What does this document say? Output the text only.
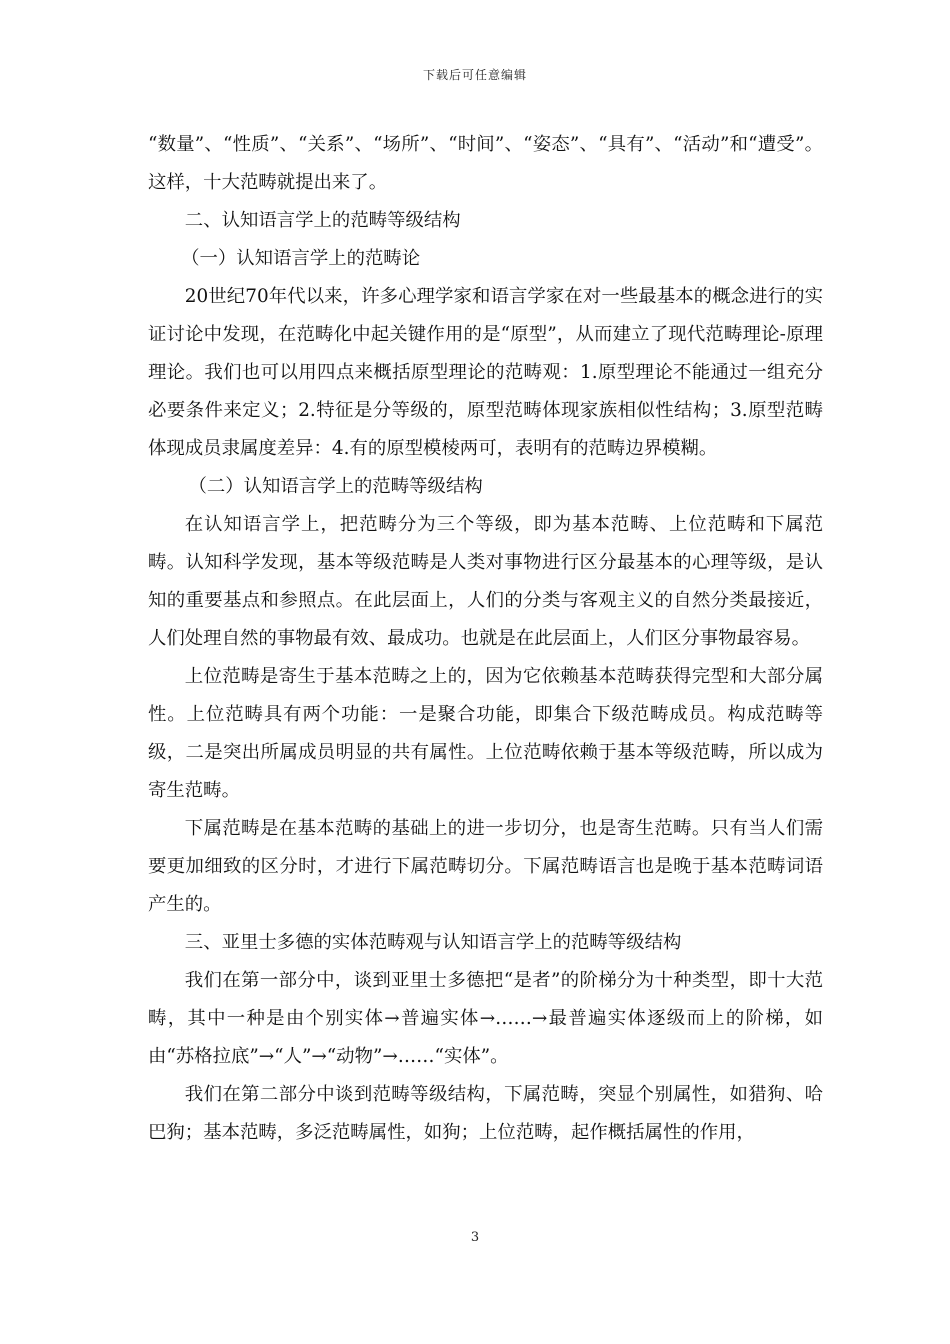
下载后可任意编辑

“数量”、“性质”、“关系”、“场所”、“时间”、“姿态”、“具有”、“活动”和“遭受”。这样，十大范畴就提出来了。

二、认知语言学上的范畴等级结构

（一）认知语言学上的范畴论

20世纪70年代以来，许多心理学家和语言学家在对一些最基本的概念进行的实证讨论中发现，在范畴化中起关键作用的是“原型”，从而建立了现代范畴理论-原理理论。我们也可以用四点来概括原型理论的范畴观：1.原型理论不能通过一组充分必要条件来定义；2.特征是分等级的，原型范畴体现家族相似性结构；3.原型范畴体现成员隶属度差异：4.有的原型模棱两可，表明有的范畴边界模糊。

（二）认知语言学上的范畴等级结构

在认知语言学上，把范畴分为三个等级，即为基本范畴、上位范畴和下属范畴。认知科学发现，基本等级范畴是人类对事物进行区分最基本的心理等级，是认知的重要基点和参照点。在此层面上，人们的分类与客观主义的自然分类最接近，人们处理自然的事物最有效、最成功。也就是在此层面上，人们区分事物最容易。

上位范畴是寄生于基本范畴之上的，因为它依赖基本范畴获得完型和大部分属性。上位范畴具有两个功能：一是聚合功能，即集合下级范畴成员。构成范畴等级，二是突出所属成员明显的共有属性。上位范畴依赖于基本等级范畴，所以成为寄生范畴。

下属范畴是在基本范畴的基础上的进一步切分，也是寄生范畴。只有当人们需要更加细致的区分时，才进行下属范畴切分。下属范畴语言也是晚于基本范畴词语产生的。

三、亚里士多德的实体范畴观与认知语言学上的范畴等级结构

我们在第一部分中，谈到亚里士多德把“是者”的阶梯分为十种类型，即十大范畴，其中一种是由个别实体→普遍实体→……→最普遍实体逐级而上的阶梯，如由“苏格拉底”→“人”→“动物”→……“实体”。

我们在第二部分中谈到范畴等级结构，下属范畴，突显个别属性，如猎狗、哈巴狗；基本范畴，多泛范畴属性，如狗；上位范畴，起作概括属性的作用，

3
